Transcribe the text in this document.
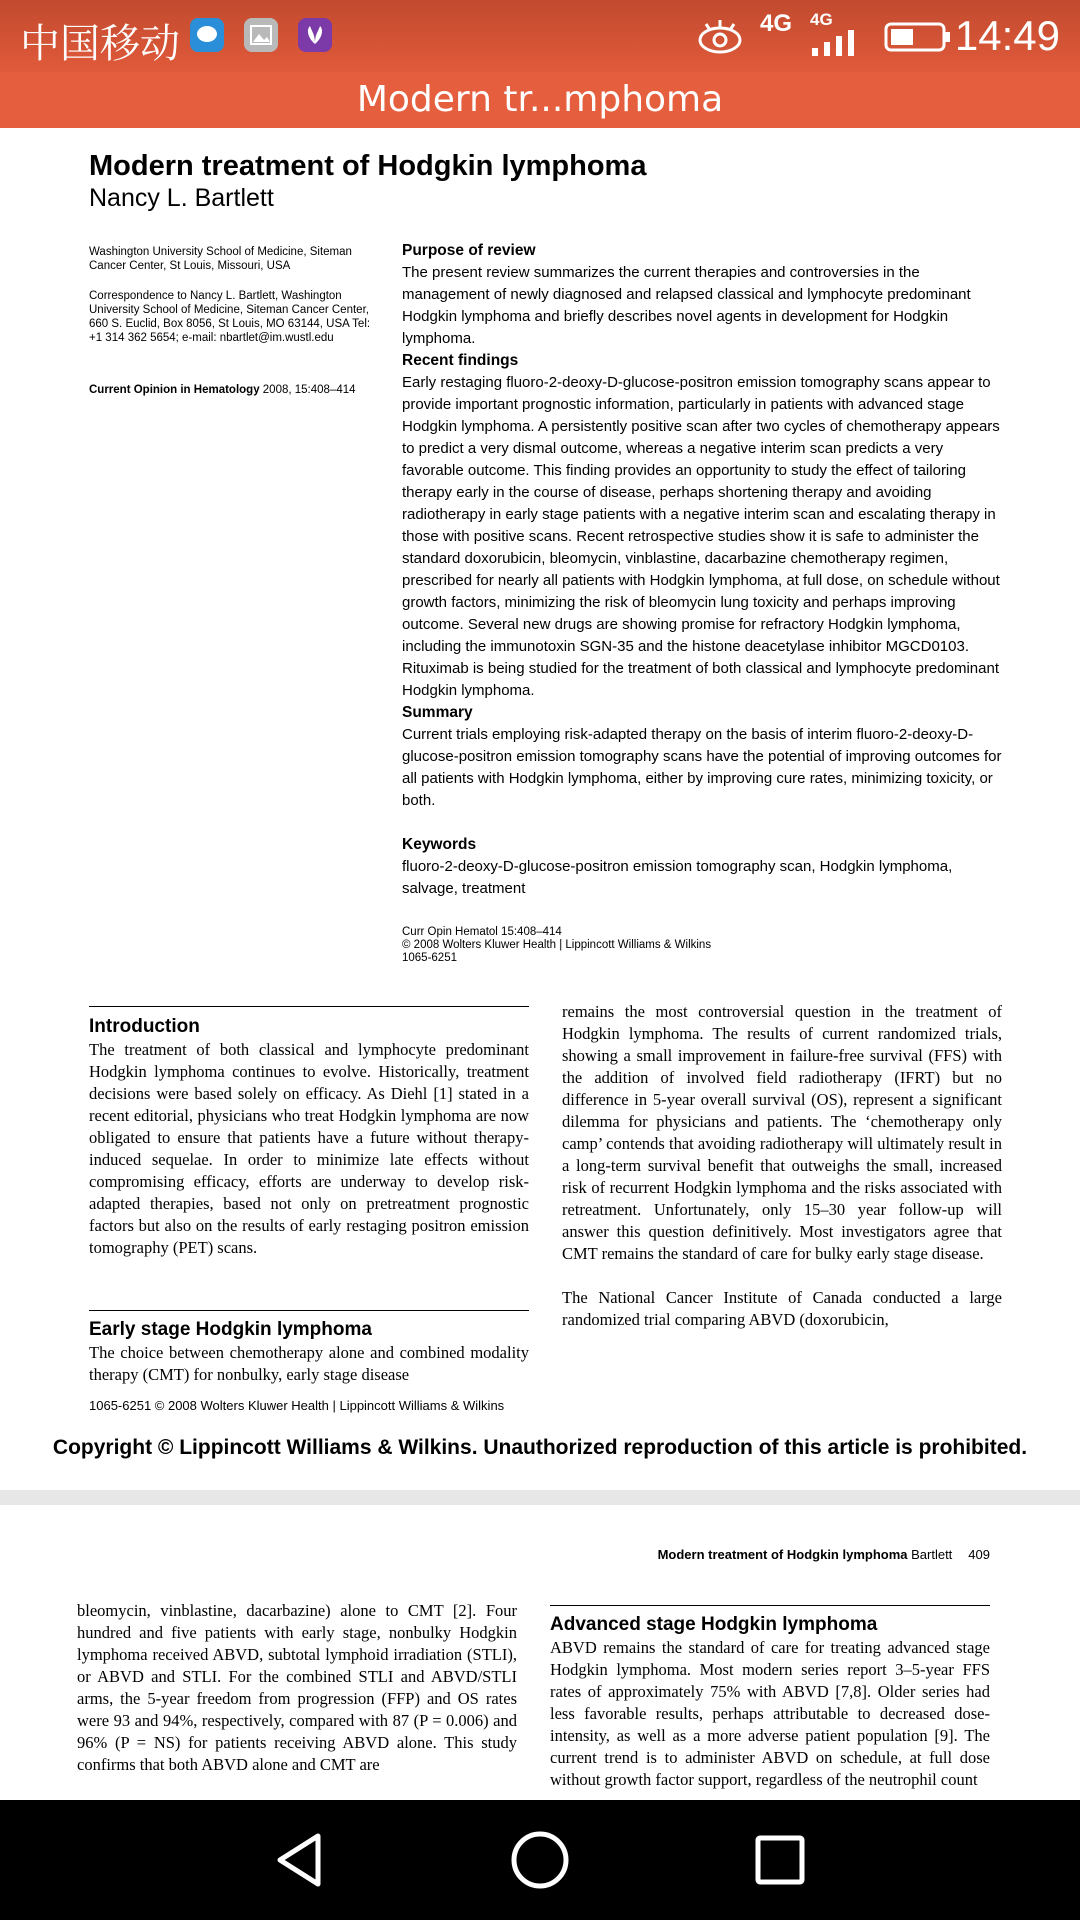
中国移动	4G 4G	14:49
Modern tr...mphoma
Modern treatment of Hodgkin lymphoma
Nancy L. Bartlett
Washington University School of Medicine, Siteman Cancer Center, St Louis, Missouri, USA
Correspondence to Nancy L. Bartlett, Washington University School of Medicine, Siteman Cancer Center, 660 S. Euclid, Box 8056, St Louis, MO 63144, USA Tel: +1 314 362 5654; e-mail: nbartlet@im.wustl.edu
Current Opinion in Hematology 2008, 15:408–414
Purpose of review

The present review summarizes the current therapies and controversies in the management of newly diagnosed and relapsed classical and lymphocyte predominant Hodgkin lymphoma and briefly describes novel agents in development for Hodgkin lymphoma.

Recent findings

Early restaging fluoro-2-deoxy-D-glucose-positron emission tomography scans appear to provide important prognostic information, particularly in patients with advanced stage Hodgkin lymphoma. A persistently positive scan after two cycles of chemotherapy appears to predict a very dismal outcome, whereas a negative interim scan predicts a very favorable outcome. This finding provides an opportunity to study the effect of tailoring therapy early in the course of disease, perhaps shortening therapy and avoiding radiotherapy in early stage patients with a negative interim scan and escalating therapy in those with positive scans. Recent retrospective studies show it is safe to administer the standard doxorubicin, bleomycin, vinblastine, dacarbazine chemotherapy regimen, prescribed for nearly all patients with Hodgkin lymphoma, at full dose, on schedule without growth factors, minimizing the risk of bleomycin lung toxicity and perhaps improving outcome. Several new drugs are showing promise for refractory Hodgkin lymphoma, including the immunotoxin SGN-35 and the histone deacetylase inhibitor MGCD0103. Rituximab is being studied for the treatment of both classical and lymphocyte predominant Hodgkin lymphoma.

Summary

Current trials employing risk-adapted therapy on the basis of interim fluoro-2-deoxy-D-glucose-positron emission tomography scans have the potential of improving outcomes for all patients with Hodgkin lymphoma, either by improving cure rates, minimizing toxicity, or both.

Keywords

fluoro-2-deoxy-D-glucose-positron emission tomography scan, Hodgkin lymphoma, salvage, treatment

Curr Opin Hematol 15:408–414
© 2008 Wolters Kluwer Health | Lippincott Williams & Wilkins
1065-6251
Introduction

The treatment of both classical and lymphocyte predominant Hodgkin lymphoma continues to evolve. Historically, treatment decisions were based solely on efficacy. As Diehl [1] stated in a recent editorial, physicians who treat Hodgkin lymphoma are now obligated to ensure that patients have a future without therapy-induced sequelae. In order to minimize late effects without compromising efficacy, efforts are underway to develop risk-adapted therapies, based not only on pretreatment prognostic factors but also on the results of early restaging positron emission tomography (PET) scans.

Early stage Hodgkin lymphoma

The choice between chemotherapy alone and combined modality therapy (CMT) for nonbulky, early stage disease

remains the most controversial question in the treatment of Hodgkin lymphoma. The results of current randomized trials, showing a small improvement in failure-free survival (FFS) with the addition of involved field radiotherapy (IFRT) but no difference in 5-year overall survival (OS), represent a significant dilemma for physicians and patients. The ‘chemotherapy only camp’ contends that avoiding radiotherapy will ultimately result in a long-term survival benefit that outweighs the small, increased risk of recurrent Hodgkin lymphoma and the risks associated with retreatment. Unfortunately, only 15–30 year follow-up will answer this question definitively. Most investigators agree that CMT remains the standard of care for bulky early stage disease.

The National Cancer Institute of Canada conducted a large randomized trial comparing ABVD (doxorubicin,

1065-6251 © 2008 Wolters Kluwer Health | Lippincott Williams & Wilkins
Copyright © Lippincott Williams & Wilkins. Unauthorized reproduction of this article is prohibited.
Modern treatment of Hodgkin lymphoma Bartlett 409

bleomycin, vinblastine, dacarbazine) alone to CMT [2]. Four hundred and five patients with early stage, nonbulky Hodgkin lymphoma received ABVD, subtotal lymphoid irradiation (STLI), or ABVD and STLI. For the combined STLI and ABVD/STLI arms, the 5-year freedom from progression (FFP) and OS rates were 93 and 94%, respectively, compared with 87 (P = 0.006) and 96% (P = NS) for patients receiving ABVD alone. This study confirms that both ABVD alone and CMT are

Advanced stage Hodgkin lymphoma

ABVD remains the standard of care for treating advanced stage Hodgkin lymphoma. Most modern series report 3–5-year FFS rates of approximately 75% with ABVD [7,8]. Older series had less favorable results, perhaps attributable to decreased dose-intensity, as well as a more adverse patient population [9]. The current trend is to administer ABVD on schedule, at full dose without growth factor support, regardless of the neutrophil count
